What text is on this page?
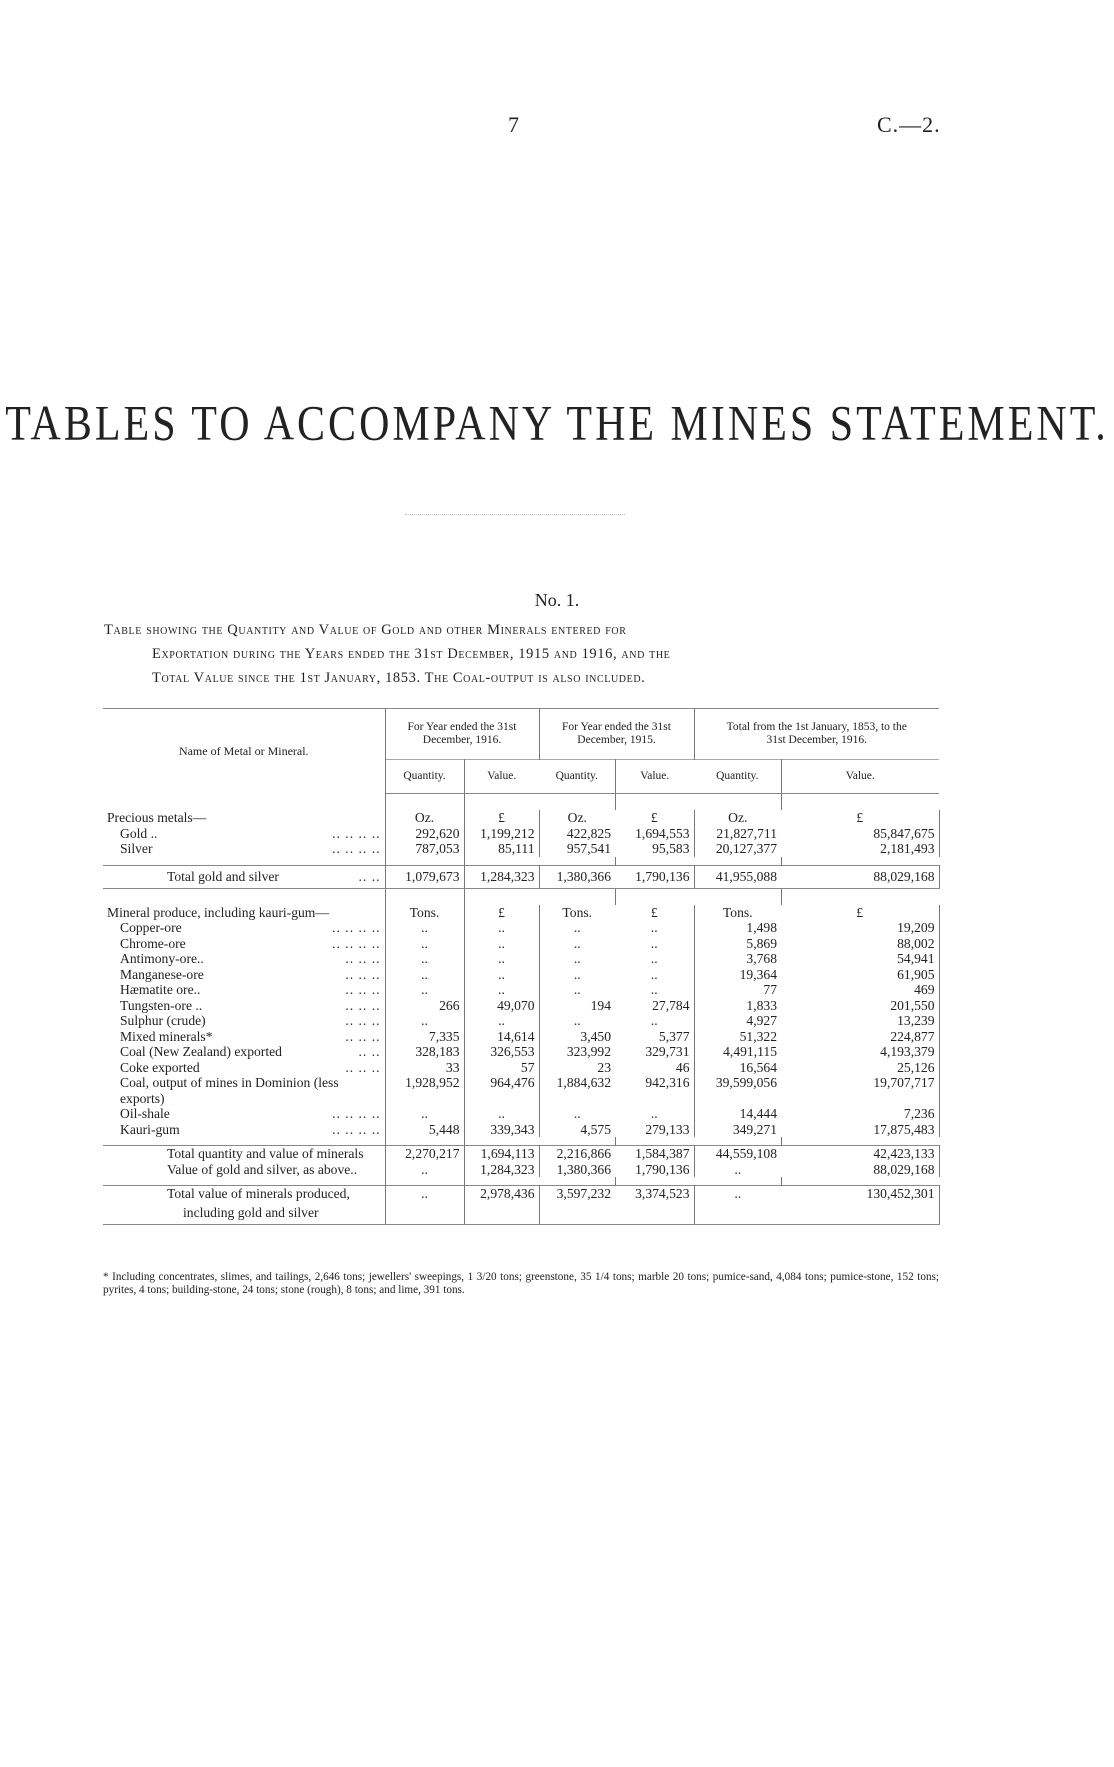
7	C.—2.
TABLES TO ACCOMPANY THE MINES STATEMENT.
No. 1.

Table showing the Quantity and Value of Gold and other Minerals entered for

Exportation during the Years ended the 31st December, 1915 and 1916, and the

Total Value since the 1st January, 1853. The Coal-output is also included.

Name of Metal or Mineral.	For Year ended the 31st December, 1916.		For Year ended the 31st December, 1915.		Total from the 1st January, 1853, to the 31st December, 1916.	
	Quantity.	Value.	Quantity.	Value.	Quantity.	Value.

Precious metals—	Oz.	£	Oz.	£	Oz.	£
Gold .. .. .. .. ..	292,620	1,199,212	422,825	1,694,553	21,827,711	85,847,675
Silver .. .. .. ..	787,053	85,111	957,541	95,583	20,127,377	2,181,493

Total gold and silver .. ..	1,079,673	1,284,323	1,380,366	1,790,136	41,955,088	88,029,168

Mineral produce, including kauri-gum—	Tons.	£	Tons.	£	Tons.	£
Copper-ore .. .. .. ..	..	..	..	..	1,498	19,209
Chrome-ore .. .. .. ..	..	..	..	..	5,869	88,002
Antimony-ore.. .. .. ..	..	..	..	..	3,768	54,941
Manganese-ore .. .. ..	..	..	..	..	19,364	61,905
Hæmatite ore.. .. .. ..	..	..	..	..	77	469
Tungsten-ore .. .. .. ..	266	49,070	194	27,784	1,833	201,550
Sulphur (crude) .. .. ..	..	..	..	..	4,927	13,239
Mixed minerals* .. .. ..	7,335	14,614	3,450	5,377	51,322	224,877
Coal (New Zealand) exported .. ..	328,183	326,553	323,992	329,731	4,491,115	4,193,379
Coke exported .. .. ..	33	57	23	46	16,564	25,126
Coal, output of mines in Dominion (less	1,928,952	964,476	1,884,632	942,316	39,599,056	19,707,717
exports)

Oil-shale .. .. .. ..	..	..	..	..	14,444	7,236
Kauri-gum .. .. .. ..	5,448	339,343	4,575	279,133	349,271	17,875,483

Total quantity and value of minerals	2,270,217	1,694,113	2,216,866	1,584,387	44,559,108	42,423,133
Value of gold and silver, as above..	..	1,284,323	1,380,366	1,790,136	..	88,029,168

Total value of minerals produced,	..	2,978,436	3,597,232	3,374,523	..	130,452,301
including gold and silver						
* Including concentrates, slimes, and tailings, 2,646 tons; jewellers' sweepings, 1 3/20 tons; greenstone, 35 1/4 tons; marble 20 tons; pumice-sand, 4,084 tons; pumice-stone, 152 tons; pyrites, 4 tons; building-stone, 24 tons; stone (rough), 8 tons; and lime, 391 tons.
